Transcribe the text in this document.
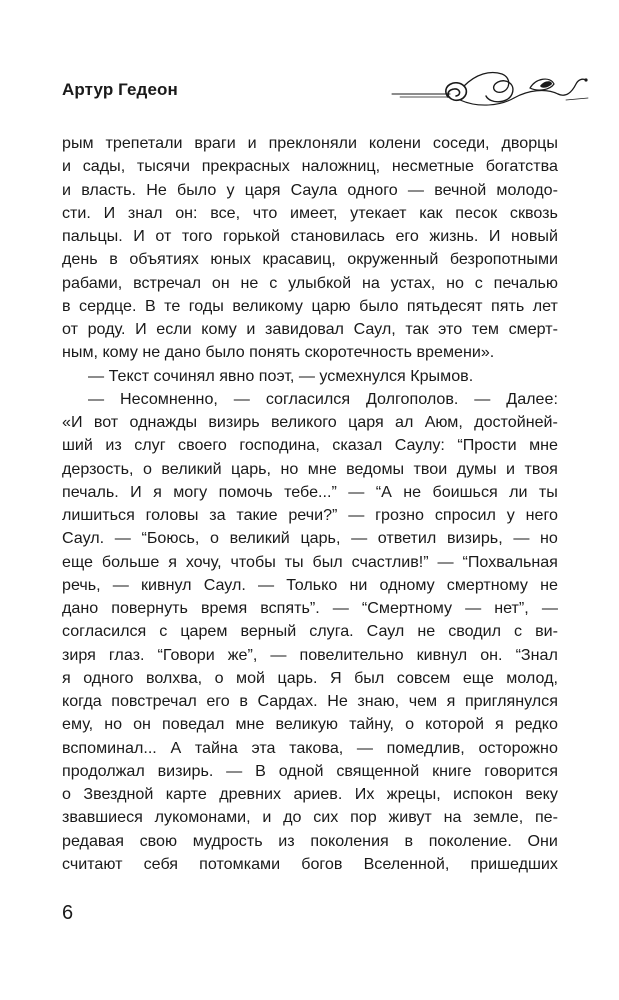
Артур Гедеон
рым трепетали враги и преклоняли колени соседи, дворцы
и сады, тысячи прекрасных наложниц, несметные богатства
и власть. Не было у царя Саула одного — вечной молодо-
сти. И знал он: все, что имеет, утекает как песок сквозь
пальцы. И от того горькой становилась его жизнь. И новый
день в объятиях юных красавиц, окруженный безропотными
рабами, встречал он не с улыбкой на устах, но с печалью
в сердце. В те годы великому царю было пятьдесят пять лет
от роду. И если кому и завидовал Саул, так это тем смерт-
ным, кому не дано было понять скоротечность времени».
— Текст сочинял явно поэт, — усмехнулся Крымов.
— Несомненно, — согласился Долгополов. — Далее:
«И вот однажды визирь великого царя ал Аюм, достойней-
ший из слуг своего господина, сказал Саулу: “Прости мне
дерзость, о великий царь, но мне ведомы твои думы и твоя
печаль. И я могу помочь тебе...” — “А не боишься ли ты
лишиться головы за такие речи?” — грозно спросил у него
Саул. — “Боюсь, о великий царь, — ответил визирь, — но
еще больше я хочу, чтобы ты был счастлив!” — “Похвальная
речь, — кивнул Саул. — Только ни одному смертному не
дано повернуть время вспять”. — “Смертному — нет”, —
согласился с царем верный слуга. Саул не сводил с ви-
зиря глаз. “Говори же”, — повелительно кивнул он. “Знал
я одного волхва, о мой царь. Я был совсем еще молод,
когда повстречал его в Сардах. Не знаю, чем я приглянулся
ему, но он поведал мне великую тайну, о которой я редко
вспоминал... А тайна эта такова, — помедлив, осторожно
продолжал визирь. — В одной священной книге говорится
о Звездной карте древних ариев. Их жрецы, испокон веку
звавшиеся лукомонами, и до сих пор живут на земле, пе-
редавая свою мудрость из поколения в поколение. Они
считают себя потомками богов Вселенной, пришедших
6
